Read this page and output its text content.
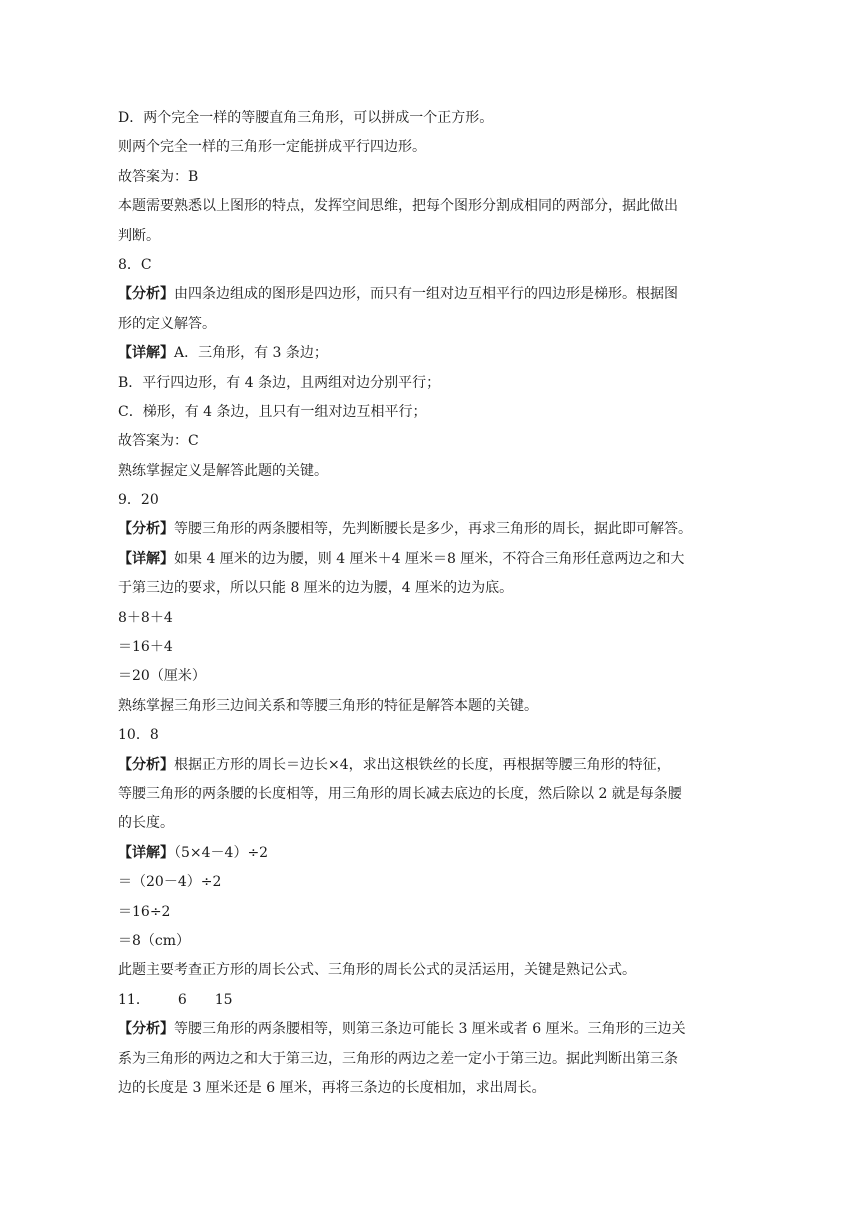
D．两个完全一样的等腰直角三角形，可以拼成一个正方形。
则两个完全一样的三角形一定能拼成平行四边形。
故答案为：B
本题需要熟悉以上图形的特点，发挥空间思维，把每个图形分割成相同的两部分，据此做出
判断。
8．C
【分析】由四条边组成的图形是四边形，而只有一组对边互相平行的四边形是梯形。根据图
形的定义解答。
【详解】A．三角形，有 3 条边；
B．平行四边形，有 4 条边，且两组对边分别平行；
C．梯形，有 4 条边，且只有一组对边互相平行；
故答案为：C
熟练掌握定义是解答此题的关键。
9．20
【分析】等腰三角形的两条腰相等，先判断腰长是多少，再求三角形的周长，据此即可解答。
【详解】如果 4 厘米的边为腰，则 4 厘米＋4 厘米＝8 厘米，不符合三角形任意两边之和大
于第三边的要求，所以只能 8 厘米的边为腰，4 厘米的边为底。
8＋8＋4
＝16＋4
＝20（厘米）
熟练掌握三角形三边间关系和等腰三角形的特征是解答本题的关键。
10．8
【分析】根据正方形的周长＝边长×4，求出这根铁丝的长度，再根据等腰三角形的特征，
等腰三角形的两条腰的长度相等，用三角形的周长减去底边的长度，然后除以 2 就是每条腰
的长度。
【详解】（5×4－4）÷2
＝（20－4）÷2
＝16÷2
＝8（cm）
此题主要考查正方形的周长公式、三角形的周长公式的灵活运用，关键是熟记公式。
11． 6 15
【分析】等腰三角形的两条腰相等，则第三条边可能长 3 厘米或者 6 厘米。三角形的三边关
系为三角形的两边之和大于第三边，三角形的两边之差一定小于第三边。据此判断出第三条
边的长度是 3 厘米还是 6 厘米，再将三条边的长度相加，求出周长。
